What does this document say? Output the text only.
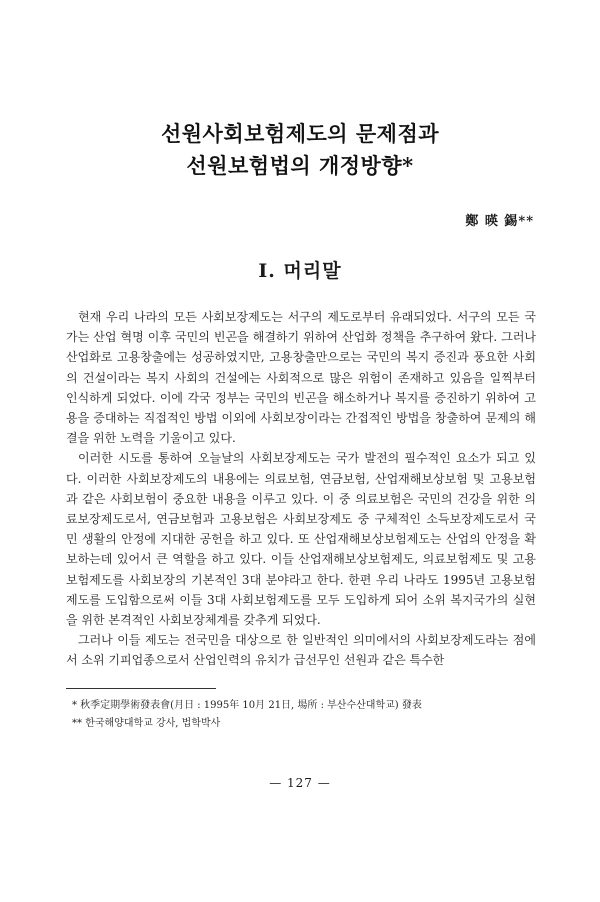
선원사회보험제도의 문제점과
선원보험법의 개정방향*
鄭 暎 錫**
Ⅰ. 머리말

현재 우리 나라의 모든 사회보장제도는 서구의 제도로부터 유래되었다. 서구의 모든 국가는 산업 혁명 이후 국민의 빈곤을 해결하기 위하여 산업화 정책을 추구하여 왔다. 그러나 산업화로 고용창출에는 성공하였지만, 고용창출만으로는 국민의 복지 증진과 풍요한 사회의 건설이라는 복지 사회의 건설에는 사회적으로 많은 위험이 존재하고 있음을 일찍부터 인식하게 되었다. 이에 각국 정부는 국민의 빈곤을 해소하거나 복지를 증진하기 위하여 고용을 증대하는 직접적인 방법 이외에 사회보장이라는 간접적인 방법을 창출하여 문제의 해결을 위한 노력을 기울이고 있다.

이러한 시도를 통하여 오늘날의 사회보장제도는 국가 발전의 필수적인 요소가 되고 있다. 이러한 사회보장제도의 내용에는 의료보험, 연금보험, 산업재해보상보험 및 고용보험과 같은 사회보험이 중요한 내용을 이루고 있다. 이 중 의료보험은 국민의 건강을 위한 의료보장제도로서, 연금보험과 고용보험은 사회보장제도 중 구체적인 소득보장제도로서 국민 생활의 안정에 지대한 공헌을 하고 있다. 또 산업재해보상보험제도는 산업의 안정을 확보하는데 있어서 큰 역할을 하고 있다. 이들 산업재해보상보험제도, 의료보험제도 및 고용보험제도를 사회보장의 기본적인 3대 분야라고 한다. 한편 우리 나라도 1995년 고용보험제도를 도입함으로써 이들 3대 사회보험제도를 모두 도입하게 되어 소위 복지국가의 실현을 위한 본격적인 사회보장체계를 갖추게 되었다.

그러나 이들 제도는 전국민을 대상으로 한 일반적인 의미에서의 사회보장제도라는 점에서 소위 기피업종으로서 산업인력의 유치가 급선무인 선원과 같은 특수한

* 秋季定期學術發表會(月日 : 1995年 10月 21日, 場所 : 부산수산대학교) 發表
** 한국해양대학교 강사, 법학박사
— 127 —
